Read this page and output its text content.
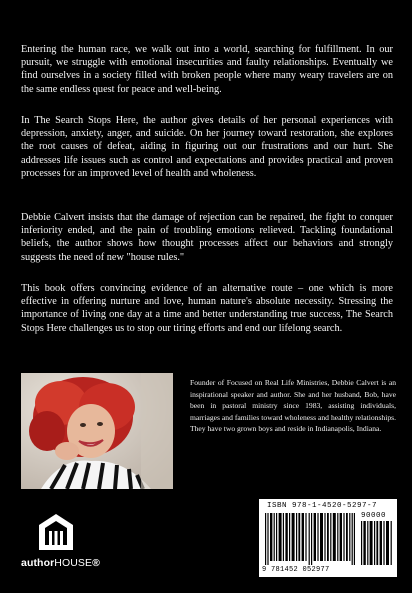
Entering the human race, we walk out into a world, searching for fulfillment. In our pursuit, we struggle with emotional insecurities and faulty relationships. Eventually we find ourselves in a society filled with broken people where many weary travelers are on the same endless quest for peace and well-being.

In The Search Stops Here, the author gives details of her personal experiences with depression, anxiety, anger, and suicide. On her journey toward restoration, she explores the root causes of defeat, aiding in figuring out our frustrations and our hurt. She addresses life issues such as control and expectations and provides practical and proven processes for an improved level of health and wholeness.

Debbie Calvert insists that the damage of rejection can be repaired, the fight to conquer inferiority ended, and the pain of troubling emotions relieved. Tackling foundational beliefs, the author shows how thought processes affect our behaviors and strongly suggests the need of new "house rules."

This book offers convincing evidence of an alternative route – one which is more effective in offering nurture and love, human nature's absolute necessity. Stressing the importance of living one day at a time and better understanding true success, The Search Stops Here challenges us to stop our tiring efforts and end our lifelong search.

Founder of Focused on Real Life Ministries, Debbie Calvert is an inspirational speaker and author. She and her husband, Bob, have been in pastoral ministry since 1983, assisting individuals, marriages and families toward wholeness and healthy relationships. They have two grown boys and reside in Indianapolis, Indiana.

authorHOUSE®
ISBN 978-1-4520-5297-7
90000
9 781452 052977
